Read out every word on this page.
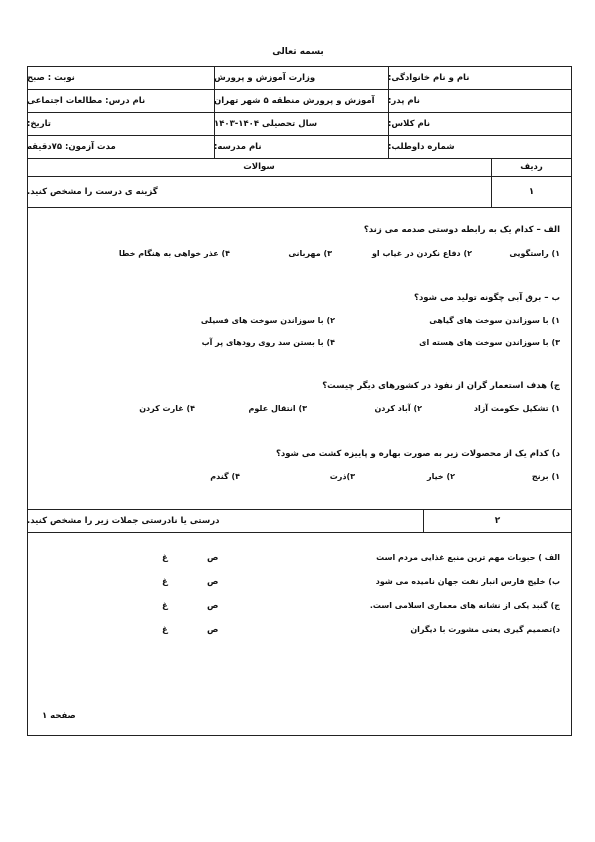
بسمه تعالی
نام و نام خانوادگی:
وزارت آموزش و پرورش
نوبت : صبح
نام پدر:
آموزش و پرورش منطقه ۵ شهر تهران
نام درس: مطالعات اجتماعی
نام کلاس:
سال تحصیلی ۱۴۰۴-۱۴۰۳
تاریخ:
شماره داوطلب:
نام مدرسه:
مدت آزمون: ۷۵دقیقه
ردیف
سوالات
۱
گزینه ی درست را مشخص کنید.
الف – کدام یک به رابطه دوستی صدمه می زند؟
۱) راستگویی
۲) دفاع نکردن در غیاب او
۳) مهربانی
۴) عذر خواهی به هنگام خطا
ب – برق آبی چگونه تولید می شود؟
۱) با سوزاندن سوخت های گیاهی
۲) با سوزاندن سوخت های فسیلی
۳) با سوزاندن سوخت های هسته ای
۴) با بستن سد روی رودهای پر آب
ج) هدف استعمار گران از نفوذ در کشورهای دیگر چیست؟
۱) تشکیل حکومت آزاد
۲) آباد کردن
۳) انتقال علوم
۴) غارت کردن
د) کدام یک از محصولات زیر به صورت بهاره و پاییزه کشت می شود؟
۱) برنج
۲) خیار
۳)ذرت
۴) گندم
۲
درستی یا نادرستی جملات زیر را مشخص کنید.
الف ) حبوبات مهم ترین منبع غذایی مردم است
ص
غ
ب) خلیج فارس انبار نفت جهان نامیده می شود
ص
غ
ج) گنبد یکی از نشانه های معماری اسلامی است.
ص
غ
د)تصمیم گیری یعنی مشورت با دیگران
ص
غ
صفحه ۱
